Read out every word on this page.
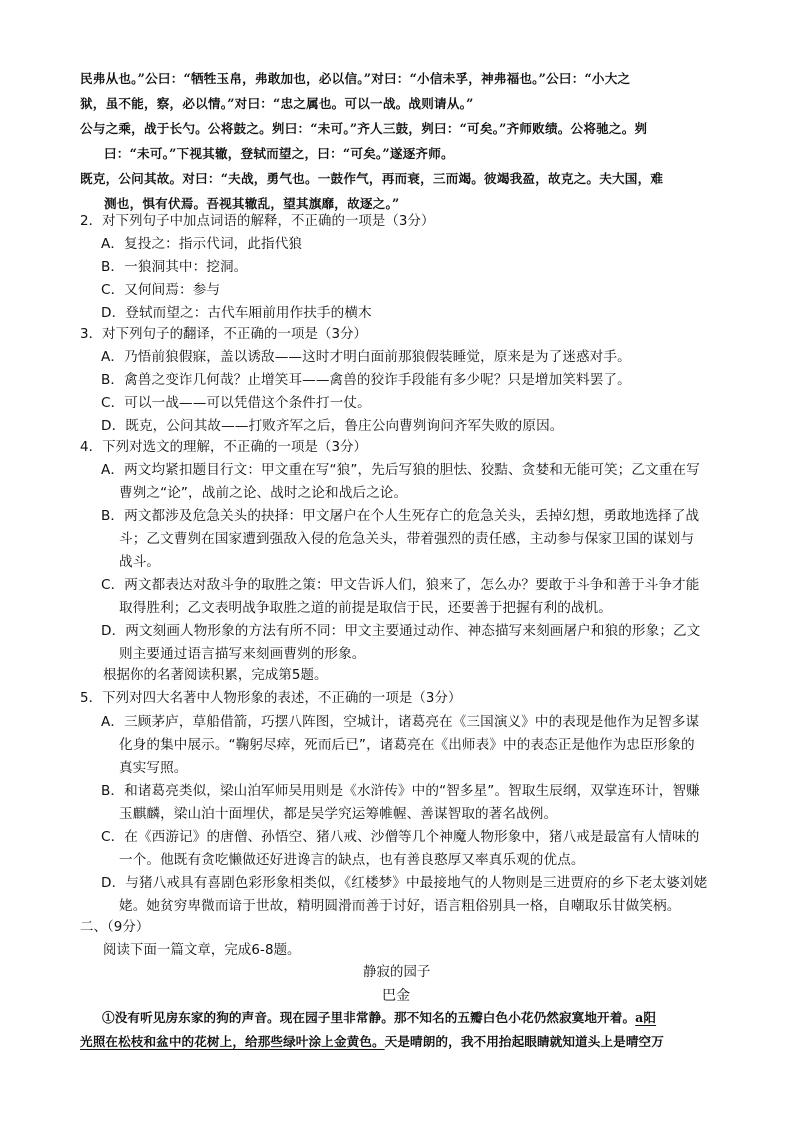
民弗从也。”公曰：“牺牲玉帛，弗敢加也，必以信。”对曰：“小信未孚，神弗福也。”公曰：“小大之
狱，虽不能，察，必以情。”对曰：“忠之属也。可以一战。战则请从。”
公与之乘，战于长勺。公将鼓之。刿曰：“未可。”齐人三鼓，刿曰：“可矣。”齐师败绩。公将驰之。刿
曰：“未可。”下视其辙，登轼而望之，曰：“可矣。”遂逐齐师。
既克，公问其故。对曰：“夫战，勇气也。一鼓作气，再而衰，三而竭。彼竭我盈，故克之。夫大国，难
测也，惧有伏焉。吾视其辙乱，望其旗靡，故逐之。”
2．对下列句子中加点词语的解释，不正确的一项是（3分）
A．复投之：指示代词，此指代狼
B．一狼洞其中：挖洞。
C．又何间焉：参与
D．登轼而望之：古代车厢前用作扶手的横木
3．对下列句子的翻译，不正确的一项是（3分）
A．乃悟前狼假寐，盖以诱敌——这时才明白面前那狼假装睡觉，原来是为了迷惑对手。
B．禽兽之变诈几何哉？止增笑耳——禽兽的狡诈手段能有多少呢？只是增加笑料罢了。
C．可以一战——可以凭借这个条件打一仗。
D．既克，公问其故——打败齐军之后，鲁庄公向曹刿询问齐军失败的原因。
4．下列对选文的理解，不正确的一项是（3分）
A．两文均紧扣题目行文：甲文重在写“狼”，先后写狼的胆怯、狡黠、贪婪和无能可笑；乙文重在写
曹刿之“论”，战前之论、战时之论和战后之论。
B．两文都涉及危急关头的抉择：甲文屠户在个人生死存亡的危急关头，丢掉幻想，勇敢地选择了战
斗；乙文曹刿在国家遭到强敌入侵的危急关头，带着强烈的责任感，主动参与保家卫国的谋划与
战斗。
C．两文都表达对敌斗争的取胜之策：甲文告诉人们，狼来了，怎么办？要敢于斗争和善于斗争才能
取得胜利；乙文表明战争取胜之道的前提是取信于民，还要善于把握有利的战机。
D．两文刻画人物形象的方法有所不同：甲文主要通过动作、神态描写来刻画屠户和狼的形象；乙文
则主要通过语言描写来刻画曹刿的形象。
根据你的名著阅读积累，完成第5题。
5．下列对四大名著中人物形象的表述，不正确的一项是（3分）
A．三顾茅庐，草船借箭，巧摆八阵图，空城计，诸葛亮在《三国演义》中的表现是他作为足智多谋
化身的集中展示。“鞠躬尽瘁，死而后已”，诸葛亮在《出师表》中的表态正是他作为忠臣形象的
真实写照。
B．和诸葛亮类似，梁山泊军师吴用则是《水浒传》中的“智多星”。智取生辰纲，双掌连环计，智赚
玉麒麟，梁山泊十面埋伏，都是吴学究运筹帷幄、善谋智取的著名战例。
C．在《西游记》的唐僧、孙悟空、猪八戒、沙僧等几个神魔人物形象中，猪八戒是最富有人情味的
一个。他既有贪吃懒做还好进谗言的缺点，也有善良憨厚又率真乐观的优点。
D．与猪八戒具有喜剧色彩形象相类似，《红楼梦》中最接地气的人物则是三进贾府的乡下老太婆刘姥
姥。她贫穷卑微而谙于世故，精明圆滑而善于讨好，语言粗俗别具一格，自嘲取乐甘做笑柄。
二、（9分）
阅读下面一篇文章，完成6-8题。
静寂的园子
巴金
①没有听见房东家的狗的声音。现在园子里非常静。那不知名的五瓣白色小花仍然寂寞地开着。a阳
光照在松枝和盆中的花树上，给那些绿叶涂上金黄色。天是晴朗的，我不用抬起眼睛就知道头上是晴空万
